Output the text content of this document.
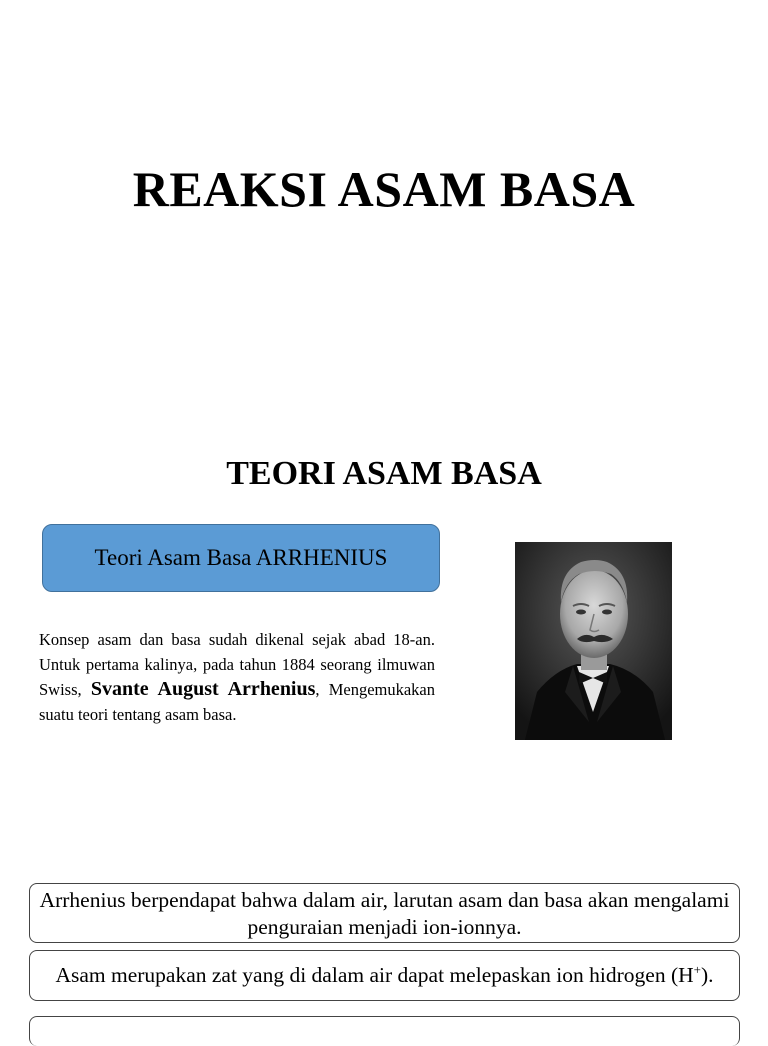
REAKSI ASAM BASA
TEORI ASAM BASA
Teori Asam Basa ARRHENIUS
Konsep asam dan basa sudah dikenal sejak abad 18-an. Untuk pertama kalinya, pada tahun 1884 seorang ilmuwan Swiss, Svante August Arrhenius, Mengemukakan suatu teori tentang asam basa.
Arrhenius berpendapat bahwa dalam air, larutan asam dan basa akan mengalami penguraian menjadi ion-ionnya.
Asam merupakan zat yang di dalam air dapat melepaskan ion hidrogen (H+).
